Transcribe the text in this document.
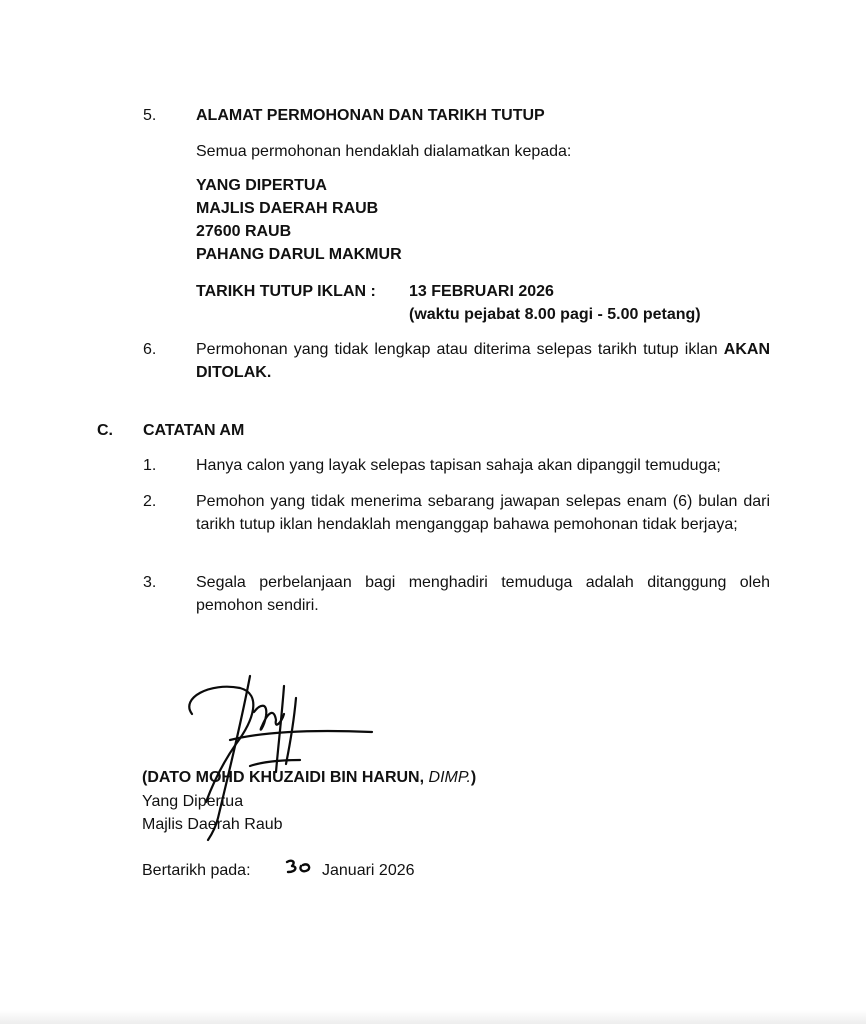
5. ALAMAT PERMOHONAN DAN TARIKH TUTUP
Semua permohonan hendaklah dialamatkan kepada:
YANG DIPERTUA
MAJLIS DAERAH RAUB
27600 RAUB
PAHANG DARUL MAKMUR
TARIKH TUTUP IKLAN : 13 FEBRUARI 2026
(waktu pejabat 8.00 pagi - 5.00 petang)
6. Permohonan yang tidak lengkap atau diterima selepas tarikh tutup iklan AKAN DITOLAK.
C. CATATAN AM
1. Hanya calon yang layak selepas tapisan sahaja akan dipanggil temuduga;
2. Pemohon yang tidak menerima sebarang jawapan selepas enam (6) bulan dari tarikh tutup iklan hendaklah menganggap bahawa pemohonan tidak berjaya;
3. Segala perbelanjaan bagi menghadiri temuduga adalah ditanggung oleh pemohon sendiri.
(DATO MOHD KHUZAIDI BIN HARUN, DIMP.)
Yang Dipertua
Majlis Daerah Raub
Bertarikh pada:	Januari 2026
